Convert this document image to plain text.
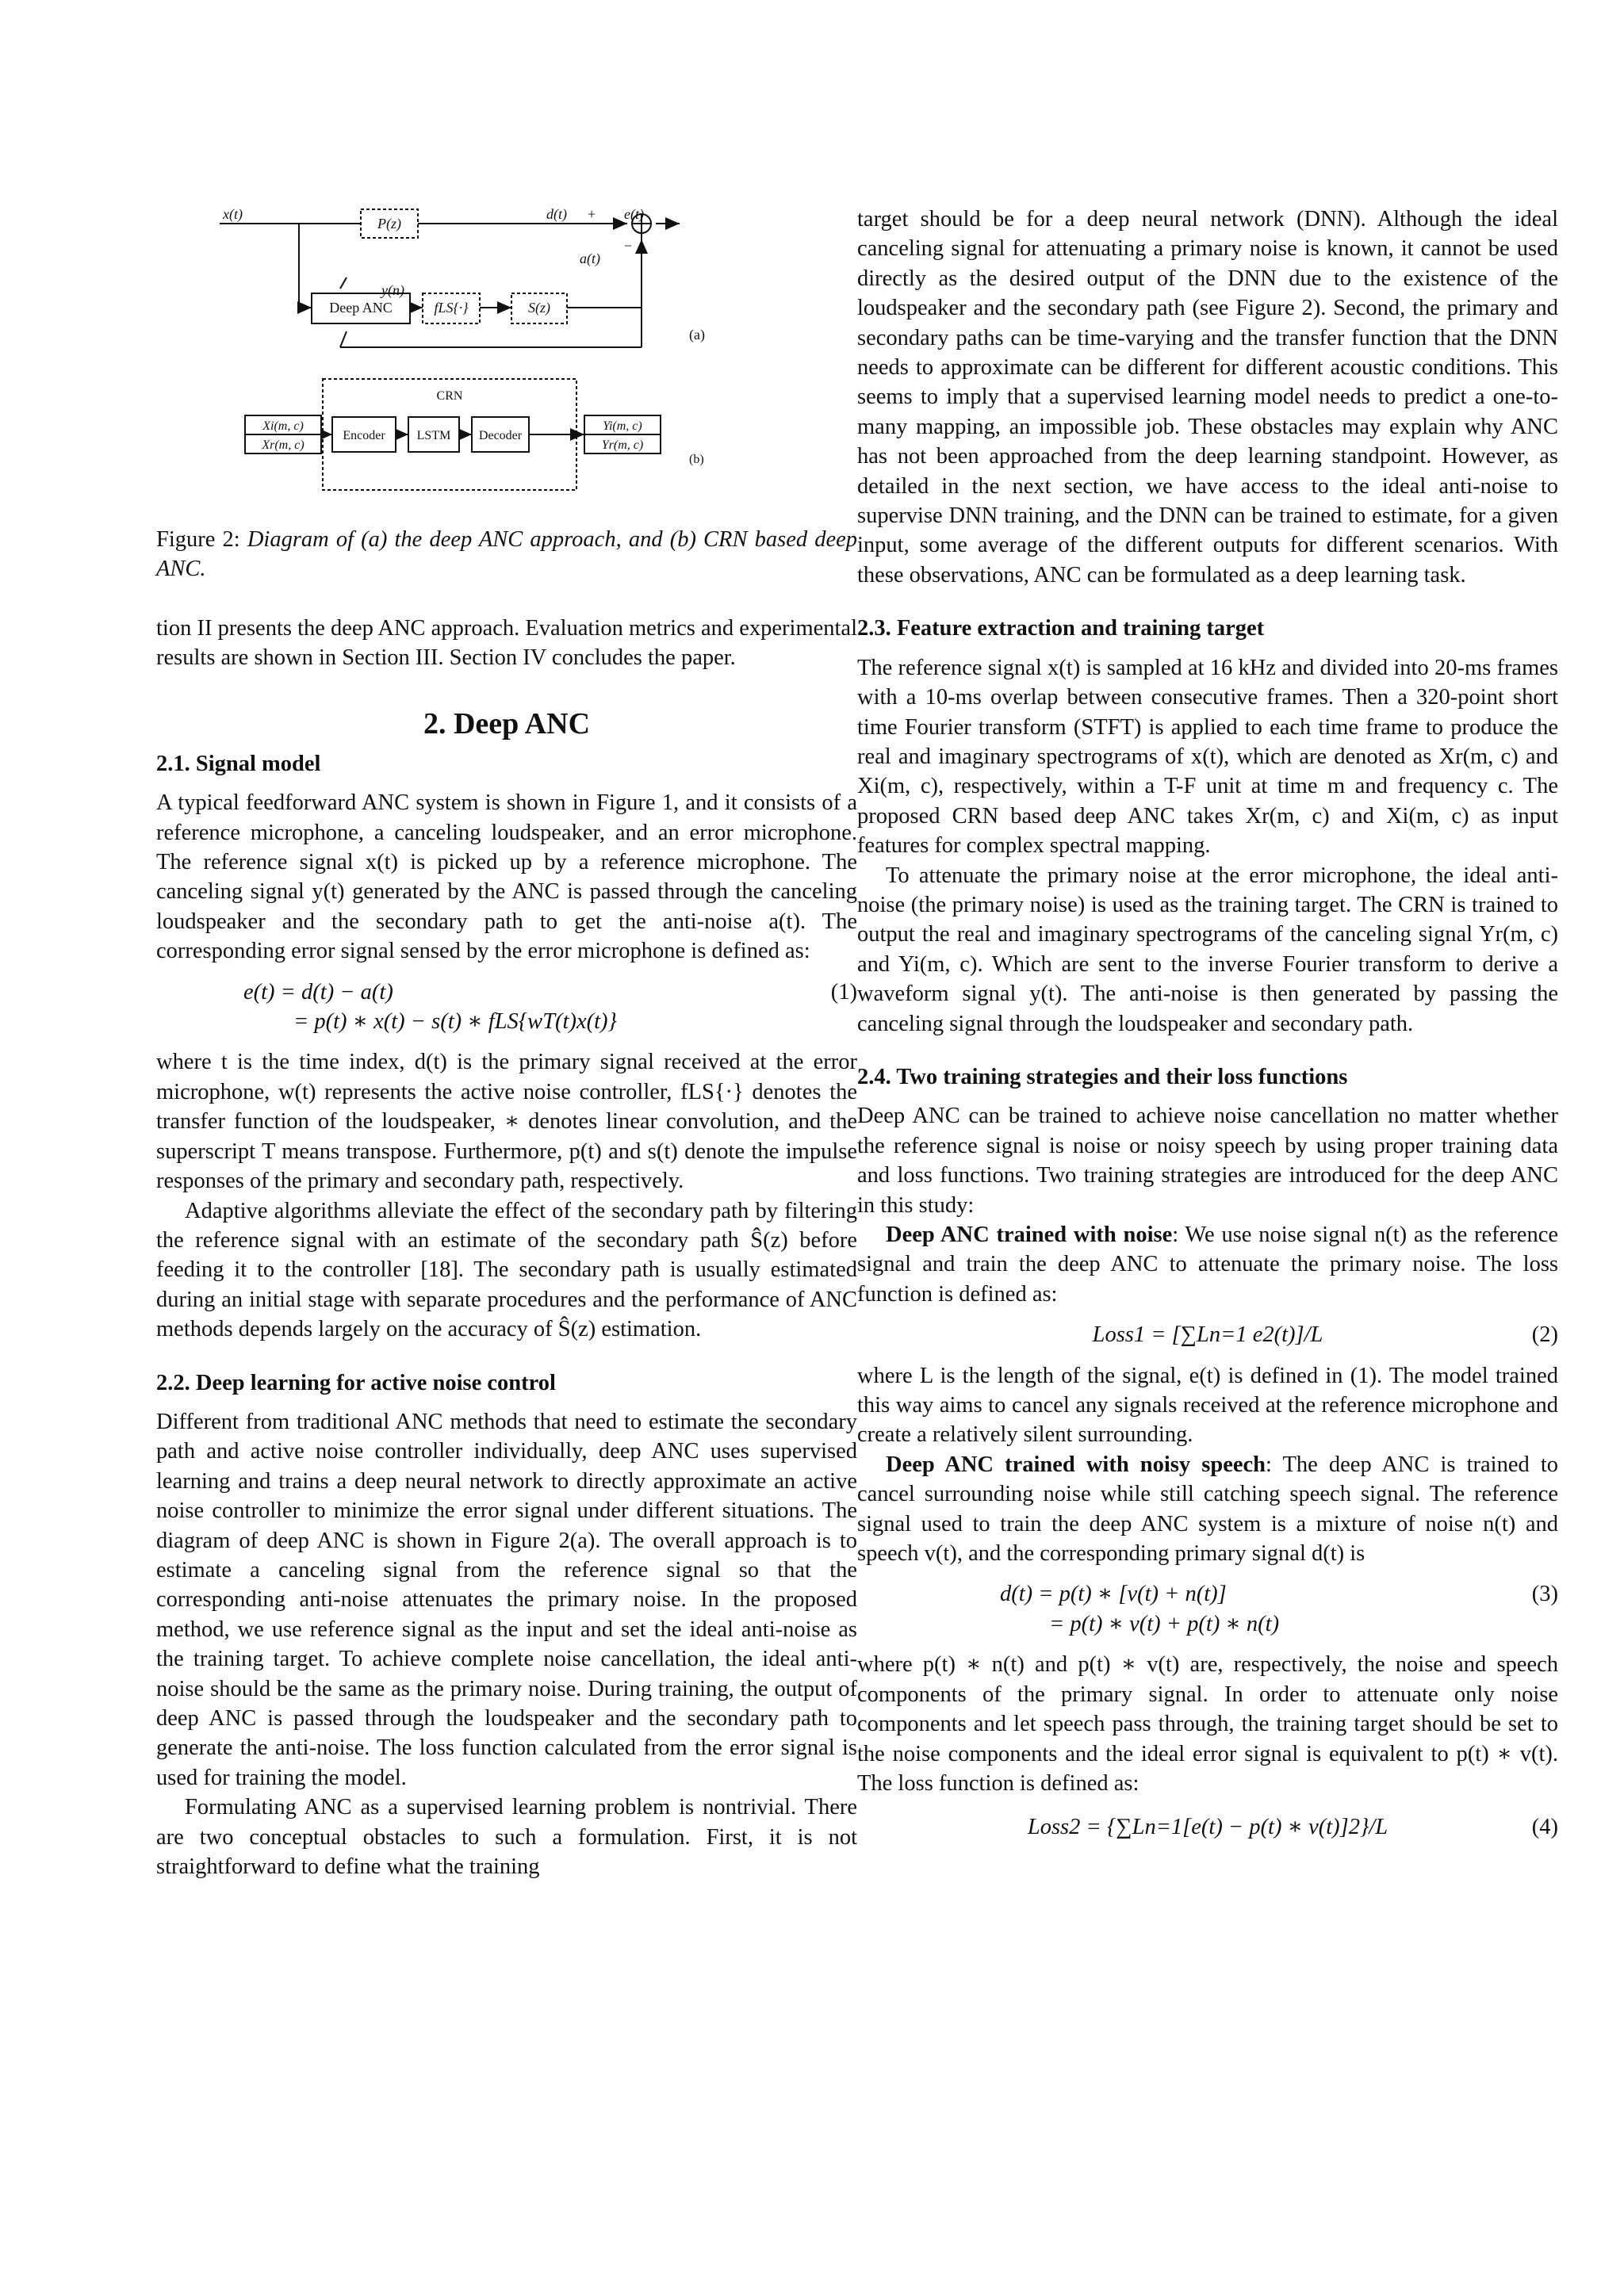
x(t)
P(z)
d(t) + e(t)
−
a(t)
y(n)
Deep ANC	fLS{·}	S(z)
(a)
CRN
Xi(m, c)
Xr(m, c)
Encoder	LSTM Decoder
Yi(m, c)
Yr(m, c)
(b)

Figure 2: Diagram of (a) the deep ANC approach, and (b) CRN based deep ANC.

tion II presents the deep ANC approach. Evaluation metrics and experimental results are shown in Section III. Section IV concludes the paper.

2. Deep ANC
2.1. Signal model

A typical feedforward ANC system is shown in Figure 1, and it consists of a reference microphone, a canceling loudspeaker, and an error microphone. The reference signal x(t) is picked up by a reference microphone. The canceling signal y(t) generated by the ANC is passed through the canceling loudspeaker and the secondary path to get the anti-noise a(t). The corresponding error signal sensed by the error microphone is defined as:

e(t) = d(t) − a(t)
= p(t) ∗ x(t) − s(t) ∗ fLS{wT(t)x(t)}
(1)

where t is the time index, d(t) is the primary signal received at the error microphone, w(t) represents the active noise controller, fLS{·} denotes the transfer function of the loudspeaker, ∗ denotes linear convolution, and the superscript T means transpose. Furthermore, p(t) and s(t) denote the impulse responses of the primary and secondary path, respectively.

Adaptive algorithms alleviate the effect of the secondary path by filtering the reference signal with an estimate of the secondary path Ŝ(z) before feeding it to the controller [18]. The secondary path is usually estimated during an initial stage with separate procedures and the performance of ANC methods depends largely on the accuracy of Ŝ(z) estimation.

2.2. Deep learning for active noise control

Different from traditional ANC methods that need to estimate the secondary path and active noise controller individually, deep ANC uses supervised learning and trains a deep neural network to directly approximate an active noise controller to minimize the error signal under different situations. The diagram of deep ANC is shown in Figure 2(a). The overall approach is to estimate a canceling signal from the reference signal so that the corresponding anti-noise attenuates the primary noise. In the proposed method, we use reference signal as the input and set the ideal anti-noise as the training target. To achieve complete noise cancellation, the ideal anti-noise should be the same as the primary noise. During training, the output of deep ANC is passed through the loudspeaker and the secondary path to generate the anti-noise. The loss function calculated from the error signal is used for training the model.

Formulating ANC as a supervised learning problem is nontrivial. There are two conceptual obstacles to such a formulation. First, it is not straightforward to define what the training

target should be for a deep neural network (DNN). Although the ideal canceling signal for attenuating a primary noise is known, it cannot be used directly as the desired output of the DNN due to the existence of the loudspeaker and the secondary path (see Figure 2). Second, the primary and secondary paths can be time-varying and the transfer function that the DNN needs to approximate can be different for different acoustic conditions. This seems to imply that a supervised learning model needs to predict a one-to-many mapping, an impossible job. These obstacles may explain why ANC has not been approached from the deep learning standpoint. However, as detailed in the next section, we have access to the ideal anti-noise to supervise DNN training, and the DNN can be trained to estimate, for a given input, some average of the different outputs for different scenarios. With these observations, ANC can be formulated as a deep learning task.

2.3. Feature extraction and training target

The reference signal x(t) is sampled at 16 kHz and divided into 20-ms frames with a 10-ms overlap between consecutive frames. Then a 320-point short time Fourier transform (STFT) is applied to each time frame to produce the real and imaginary spectrograms of x(t), which are denoted as Xr(m, c) and Xi(m, c), respectively, within a T-F unit at time m and frequency c. The proposed CRN based deep ANC takes Xr(m, c) and Xi(m, c) as input features for complex spectral mapping.

To attenuate the primary noise at the error microphone, the ideal anti-noise (the primary noise) is used as the training target. The CRN is trained to output the real and imaginary spectrograms of the canceling signal Yr(m, c) and Yi(m, c). Which are sent to the inverse Fourier transform to derive a waveform signal y(t). The anti-noise is then generated by passing the canceling signal through the loudspeaker and secondary path.

2.4. Two training strategies and their loss functions

Deep ANC can be trained to achieve noise cancellation no matter whether the reference signal is noise or noisy speech by using proper training data and loss functions. Two training strategies are introduced for the deep ANC in this study:

Deep ANC trained with noise: We use noise signal n(t) as the reference signal and train the deep ANC to attenuate the primary noise. The loss function is defined as:

Loss1 = [∑Ln=1 e2(t)]/L	(2)

where L is the length of the signal, e(t) is defined in (1). The model trained this way aims to cancel any signals received at the reference microphone and create a relatively silent surrounding.

Deep ANC trained with noisy speech: The deep ANC is trained to cancel surrounding noise while still catching speech signal. The reference signal used to train the deep ANC system is a mixture of noise n(t) and speech v(t), and the corresponding primary signal d(t) is

d(t) = p(t) ∗ [v(t) + n(t)]
= p(t) ∗ v(t) + p(t) ∗ n(t)
(3)

where p(t) ∗ n(t) and p(t) ∗ v(t) are, respectively, the noise and speech components of the primary signal. In order to attenuate only noise components and let speech pass through, the training target should be set to the noise components and the ideal error signal is equivalent to p(t) ∗ v(t). The loss function is defined as:

Loss2 = {∑Ln=1[e(t) − p(t) ∗ v(t)]2}/L	(4)
